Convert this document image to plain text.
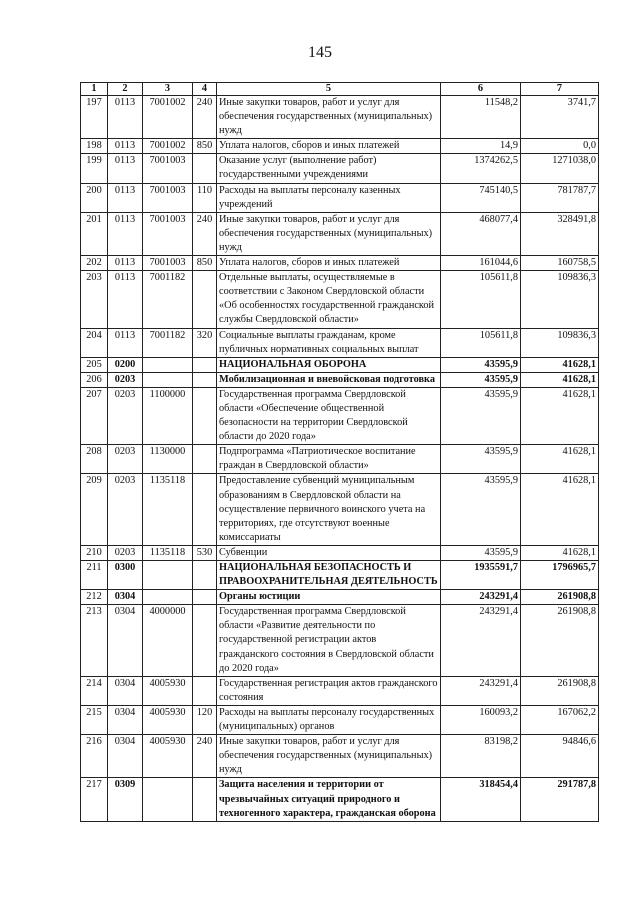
145
1	2	3	4	5	6	7
197	0113	7001002	240	Иные закупки товаров, работ и услуг для обеспечения государственных (муниципальных) нужд	11548,2	3741,7
198	0113	7001002	850	Уплата налогов, сборов и иных платежей	14,9	0,0
199	0113	7001003		Оказание услуг (выполнение работ) государственными учреждениями	1374262,5	1271038,0
200	0113	7001003	110	Расходы на выплаты персоналу казенных учреждений	745140,5	781787,7
201	0113	7001003	240	Иные закупки товаров, работ и услуг для обеспечения государственных (муниципальных) нужд	468077,4	328491,8
202	0113	7001003	850	Уплата налогов, сборов и иных платежей	161044,6	160758,5
203	0113	7001182		Отдельные выплаты, осуществляемые в соответствии с Законом Свердловской области «Об особенностях государственной гражданской службы Свердловской области»	105611,8	109836,3
204	0113	7001182	320	Социальные выплаты гражданам, кроме публичных нормативных социальных выплат	105611,8	109836,3
205	0200			НАЦИОНАЛЬНАЯ ОБОРОНА	43595,9	41628,1
206	0203			Мобилизационная и вневойсковая подготовка	43595,9	41628,1
207	0203	1100000		Государственная программа Свердловской области «Обеспечение общественной безопасности на территории Свердловской области до 2020 года»	43595,9	41628,1
208	0203	1130000		Подпрограмма «Патриотическое воспитание граждан в Свердловской области»	43595,9	41628,1
209	0203	1135118		Предоставление субвенций муниципальным образованиям в Свердловской области на осуществление первичного воинского учета на территориях, где отсутствуют военные комиссариаты	43595,9	41628,1
210	0203	1135118	530	Субвенции	43595,9	41628,1
211	0300			НАЦИОНАЛЬНАЯ БЕЗОПАСНОСТЬ И ПРАВООХРАНИТЕЛЬНАЯ ДЕЯТЕЛЬНОСТЬ	1935591,7	1796965,7
212	0304			Органы юстиции	243291,4	261908,8
213	0304	4000000		Государственная программа Свердловской области «Развитие деятельности по государственной регистрации актов гражданского состояния в Свердловской области до 2020 года»	243291,4	261908,8
214	0304	4005930		Государственная регистрация актов гражданского состояния	243291,4	261908,8
215	0304	4005930	120	Расходы на выплаты персоналу государственных (муниципальных) органов	160093,2	167062,2
216	0304	4005930	240	Иные закупки товаров, работ и услуг для обеспечения государственных (муниципальных) нужд	83198,2	94846,6
217	0309			Защита населения и территории от чрезвычайных ситуаций природного и техногенного характера, гражданская оборона	318454,4	291787,8
